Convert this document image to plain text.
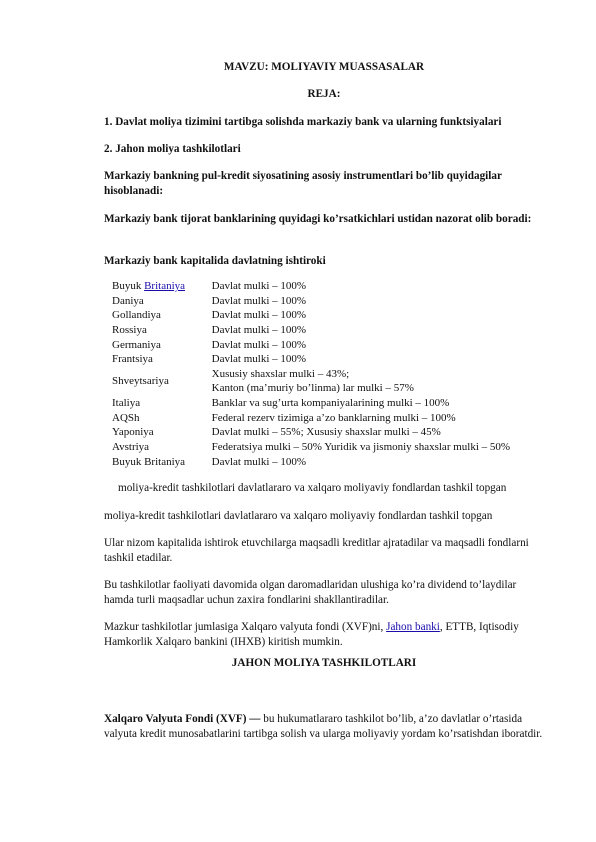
MAVZU: MOLIYAVIY MUASSASALAR
REJA:

1. Davlat moliya tizimini tartibga solishda markaziy bank va ularning funktsiyalari

2. Jahon moliya tashkilotlari

Markaziy bankning pul-kredit siyosatining asosiy instrumentlari bo’lib quyidagilar hisoblanadi:

Markaziy bank tijorat banklarining quyidagi ko’rsatkichlari ustidan nazorat olib boradi:

Markaziy bank kapitalida davlatning ishtiroki

Buyuk Britaniya	Davlat mulki – 100%
Daniya	Davlat mulki – 100%
Gollandiya	Davlat mulki – 100%
Rossiya	Davlat mulki – 100%
Germaniya	Davlat mulki – 100%
Frantsiya	Davlat mulki – 100%
Shveytsariya	Xususiy shaxslar mulki – 43%;
Kanton (ma’muriy bo’linma) lar mulki – 57%
Italiya	Banklar va sug’urta kompaniyalarining mulki – 100%
AQSh	Federal rezerv tizimiga a’zo banklarning mulki – 100%
Yaponiya	Davlat mulki – 55%; Xususiy shaxslar mulki – 45%
Avstriya	Federatsiya mulki – 50% Yuridik va jismoniy shaxslar mulki – 50%
Buyuk Britaniya	Davlat mulki – 100%
moliya-kredit tashkilotlari davlatlararo va xalqaro moliyaviy fondlardan tashkil topgan

moliya-kredit tashkilotlari davlatlararo va xalqaro moliyaviy fondlardan tashkil topgan

Ular nizom kapitalida ishtirok etuvchilarga maqsadli kreditlar ajratadilar va maqsadli fondlarni tashkil etadilar.

Bu tashkilotlar faoliyati davomida olgan daromadlaridan ulushiga ko’ra dividend to’laydilar hamda turli maqsadlar uchun zaxira fondlarini shakllantiradilar.

Mazkur tashkilotlar jumlasiga Xalqaro valyuta fondi (XVF)ni, Jahon banki, ETTB, Iqtisodiy Hamkorlik Xalqaro bankini (IHXB) kiritish mumkin.

JAHON MOLIYA TASHKILOTLARI

Xalqaro Valyuta Fondi (XVF) — bu hukumatlararo tashkilot bo’lib, a’zo davlatlar o’rtasida valyuta kredit munosabatlarini tartibga solish va ularga moliyaviy yordam ko’rsatishdan iboratdir.
